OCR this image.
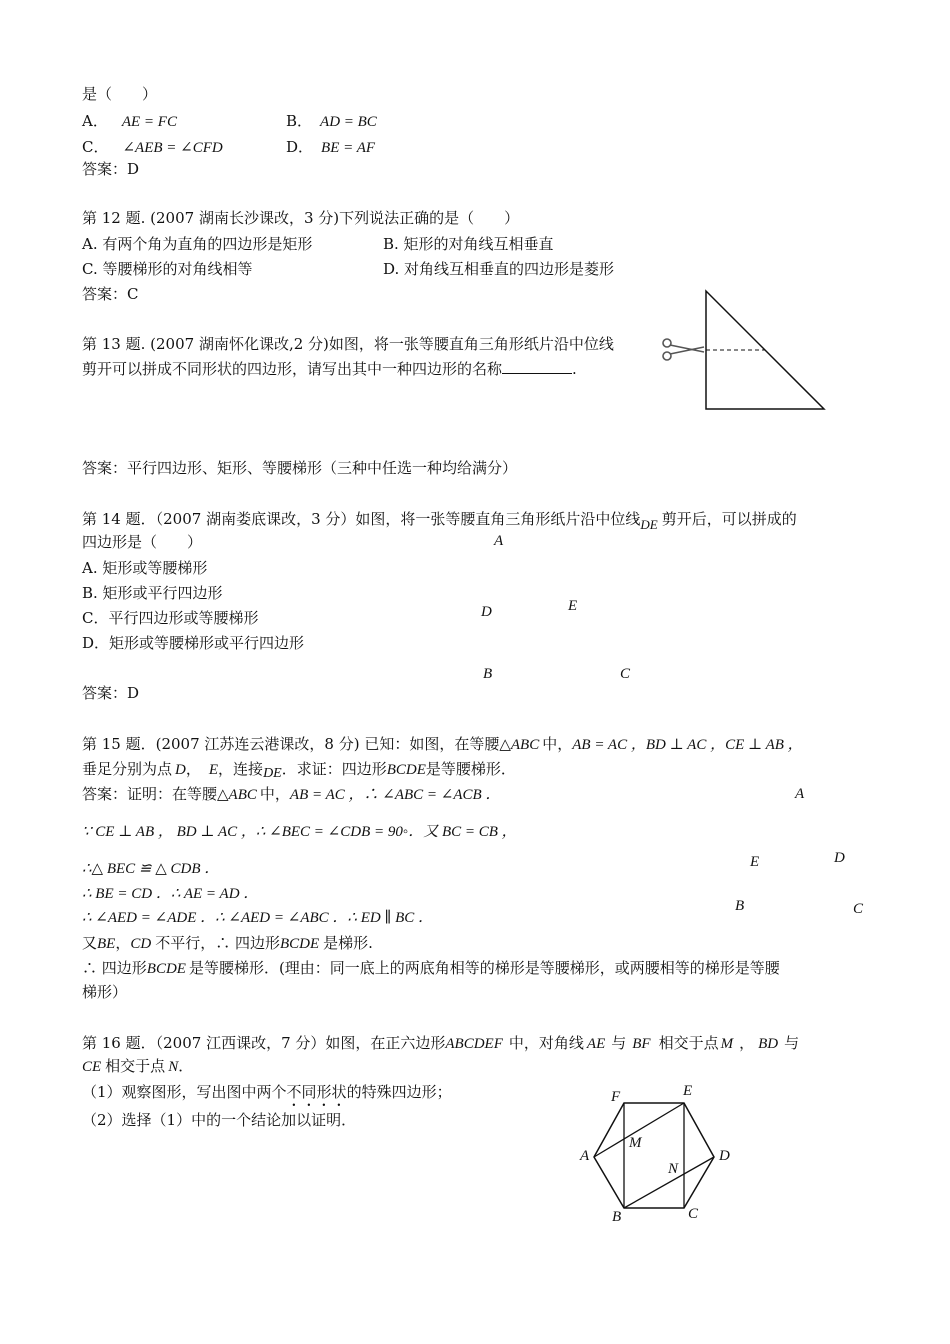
是（　　）
A． AE = FC	B． AD = BC
C． ∠AEB = ∠CFD	D． BE = AF
答案：D
第 12 题. (2007 湖南长沙课改，3 分)下列说法正确的是（　　）
A. 有两个角为直角的四边形是矩形	B. 矩形的对角线互相垂直
C. 等腰梯形的对角线相等	D. 对角线互相垂直的四边形是菱形
答案：C
第 13 题. (2007 湖南怀化课改,2 分)如图，将一张等腰直角三角形纸片沿中位线
剪开可以拼成不同形状的四边形，请写出其中一种四边形的名称	.
答案：平行四边形、矩形、等腰梯形（三种中任选一种均给满分）
第 14 题．（2007 湖南娄底课改，3 分）如图，将一张等腰直角三角形纸片沿中位线DE 剪开后，可以拼成的
四边形是（　　）
A. 矩形或等腰梯形
B. 矩形或平行四边形
C．平行四边形或等腰梯形
D．矩形或等腰梯形或平行四边形
答案：D
A
D	E
B	C
第 15 题．(2007 江苏连云港课改，8 分) 已知：如图，在等腰△ABC 中，AB = AC ，BD ⊥ AC ，CE ⊥ AB ，
垂足分别为点 D， E，连接DE．求证：四边形BCDE是等腰梯形．
答案：证明：在等腰△ABC 中，AB = AC ，∴ ∠ABC = ∠ACB ．
∵ CE ⊥ AB ， BD ⊥ AC ，∴ ∠BEC = ∠CDB = 90◦．又 BC = CB ，
∴△ BEC ≌ △ CDB ．
∴ BE = CD ．∴ AE = AD ．
∴ ∠AED = ∠ADE ．∴ ∠AED = ∠ABC ．∴ ED ∥ BC ．
又BE，CD 不平行，∴ 四边形BCDE 是梯形.
∴ 四边形BCDE 是等腰梯形．(理由：同一底上的两底角相等的梯形是等腰梯形，或两腰相等的梯形是等腰
梯形）
A
E	D
B	C
第 16 题．（2007 江西课改，7 分）如图，在正六边形ABCDEF 中，对角线 AE 与 BF 相交于点 M ， BD 与
CE 相交于点 N．
（1）观察图形，写出图中两个不同形状的特殊四边形；
（2）选择（1）中的一个结论加以证明．
F	E
A
M
D
N
B	C
